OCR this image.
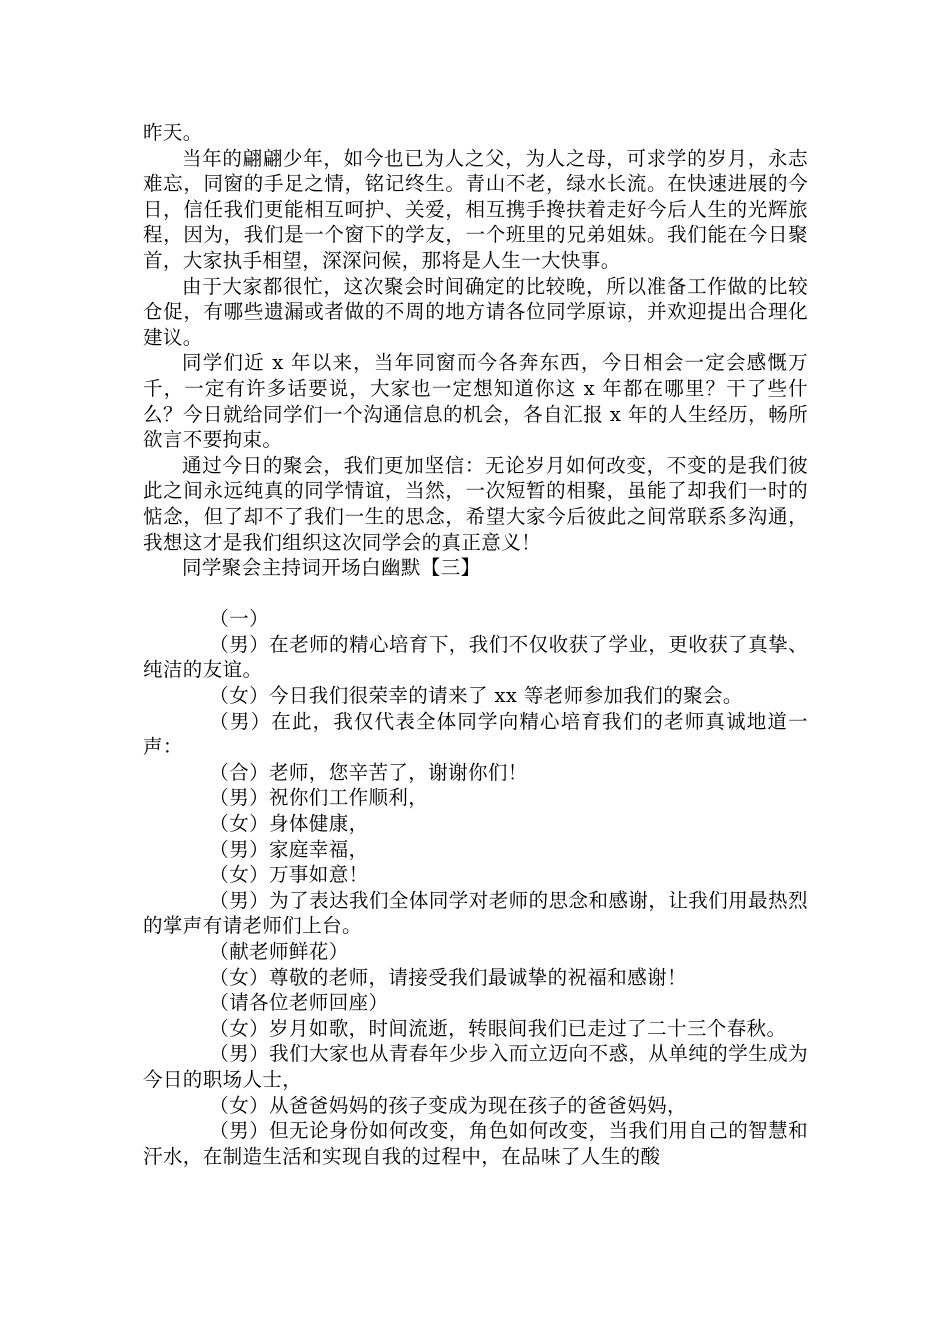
昨天。

当年的翩翩少年，如今也已为人之父，为人之母，可求学的岁月，永志难忘，同窗的手足之情，铭记终生。青山不老，绿水长流。在快速进展的今日，信任我们更能相互呵护、关爱，相互携手搀扶着走好今后人生的光辉旅程，因为，我们是一个窗下的学友，一个班里的兄弟姐妹。我们能在今日聚首，大家执手相望，深深问候，那将是人生一大快事。

由于大家都很忙，这次聚会时间确定的比较晚，所以准备工作做的比较仓促，有哪些遗漏或者做的不周的地方请各位同学原谅，并欢迎提出合理化建议。

同学们近 x 年以来，当年同窗而今各奔东西，今日相会一定会感慨万千，一定有许多话要说，大家也一定想知道你这 x 年都在哪里？干了些什么？今日就给同学们一个沟通信息的机会，各自汇报 x 年的人生经历，畅所欲言不要拘束。

通过今日的聚会，我们更加坚信：无论岁月如何改变，不变的是我们彼此之间永远纯真的同学情谊，当然，一次短暂的相聚，虽能了却我们一时的惦念，但了却不了我们一生的思念，希望大家今后彼此之间常联系多沟通，我想这才是我们组织这次同学会的真正意义！

同学聚会主持词开场白幽默【三】

（一）

（男）在老师的精心培育下，我们不仅收获了学业，更收获了真挚、纯洁的友谊。

（女）今日我们很荣幸的请来了 xx 等老师参加我们的聚会。

（男）在此，我仅代表全体同学向精心培育我们的老师真诚地道一声：

（合）老师，您辛苦了，谢谢你们！

（男）祝你们工作顺利，

（女）身体健康，

（男）家庭幸福，

（女）万事如意！

（男）为了表达我们全体同学对老师的思念和感谢，让我们用最热烈的掌声有请老师们上台。

（献老师鲜花）

（女）尊敬的老师，请接受我们最诚挚的祝福和感谢！

（请各位老师回座）

（女）岁月如歌，时间流逝，转眼间我们已走过了二十三个春秋。

（男）我们大家也从青春年少步入而立迈向不惑，从单纯的学生成为今日的职场人士，

（女）从爸爸妈妈的孩子变成为现在孩子的爸爸妈妈，

（男）但无论身份如何改变，角色如何改变，当我们用自己的智慧和汗水，在制造生活和实现自我的过程中，在品味了人生的酸
